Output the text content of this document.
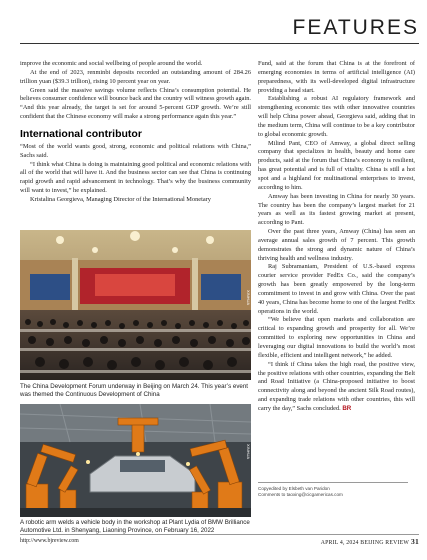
FEATURES

improve the economic and social wellbeing of people around the world.

At the end of 2023, renminbi deposits recorded an outstanding amount of 284.26 trillion yuan ($39.3 trillion), rising 10 percent year on year.

Green said the massive savings volume reflects China’s consumption potential. He believes consumer confidence will bounce back and the country will witness growth again. “And this year already, the target is set for around 5-percent GDP growth. We’re still confident that the Chinese economy will make a strong performance again this year.”

International contributor

“Most of the world wants good, strong, economic and political relations with China,” Sachs said.

“I think what China is doing is maintaining good political and economic relations with all of the world that will have it. And the business sector can see that China is continuing rapid growth and rapid advancement in technology. That’s why the business community will want to invest,” he explained.

Kristalina Georgieva, Managing Director of the International Monetary

XINHUA
The China Development Forum underway in Beijing on March 24. This year’s event was themed the Continuous Development of China
XINHUA
A robotic arm welds a vehicle body in the workshop at Plant Lydia of BMW Brilliance Automotive Ltd. in Shenyang, Liaoning Province, on February 16, 2022

Fund, said at the forum that China is at the forefront of emerging economies in terms of artificial intelligence (AI) preparedness, with its well-developed digital infrastructure providing a head start.

Establishing a robust AI regulatory framework and strengthening economic ties with other innovative countries will help China power ahead, Georgieva said, adding that in the medium term, China will continue to be a key contributor to global economic growth.

Milind Pant, CEO of Amway, a global direct selling company that specializes in health, beauty and home care products, said at the forum that China’s economy is resilient, has great potential and is full of vitality. China is still a hot spot and a highland for multinational enterprises to invest, according to him.

Amway has been investing in China for nearly 30 years. The country has been the company’s largest market for 21 years as well as its fastest growing market at present, according to Pant.

Over the past three years, Amway (China) has seen an average annual sales growth of 7 percent. This growth demonstrates the strong and dynamic nature of China’s thriving health and wellness industry.

Raj Subramaniam, President of U.S.-based express courier service provider FedEx Co., said the company’s growth has been greatly empowered by the long-term commitment to invest in and grow with China. Over the past 40 years, China has become home to one of the largest FedEx operations in the world.

“We believe that open markets and collaboration are critical to expanding growth and prosperity for all. We’re committed to exploring new opportunities in China and leveraging our digital innovations to build the world’s most flexible, efficient and intelligent network,” he added.

“I think if China takes the high road, the positive view, the positive relations with other countries, expanding the Belt and Road Initiative (a China-proposed initiative to boost connectivity along and beyond the ancient Silk Road routes), and expanding trade relations with other countries, this will carry the day,” Sachs concluded. BR

Copyedited by Elsbeth van Paridon
Comments to taoxing@cicgamericas.com
http://www.bjreview.com	APRIL 4, 2024 BEIJING REVIEW 31
